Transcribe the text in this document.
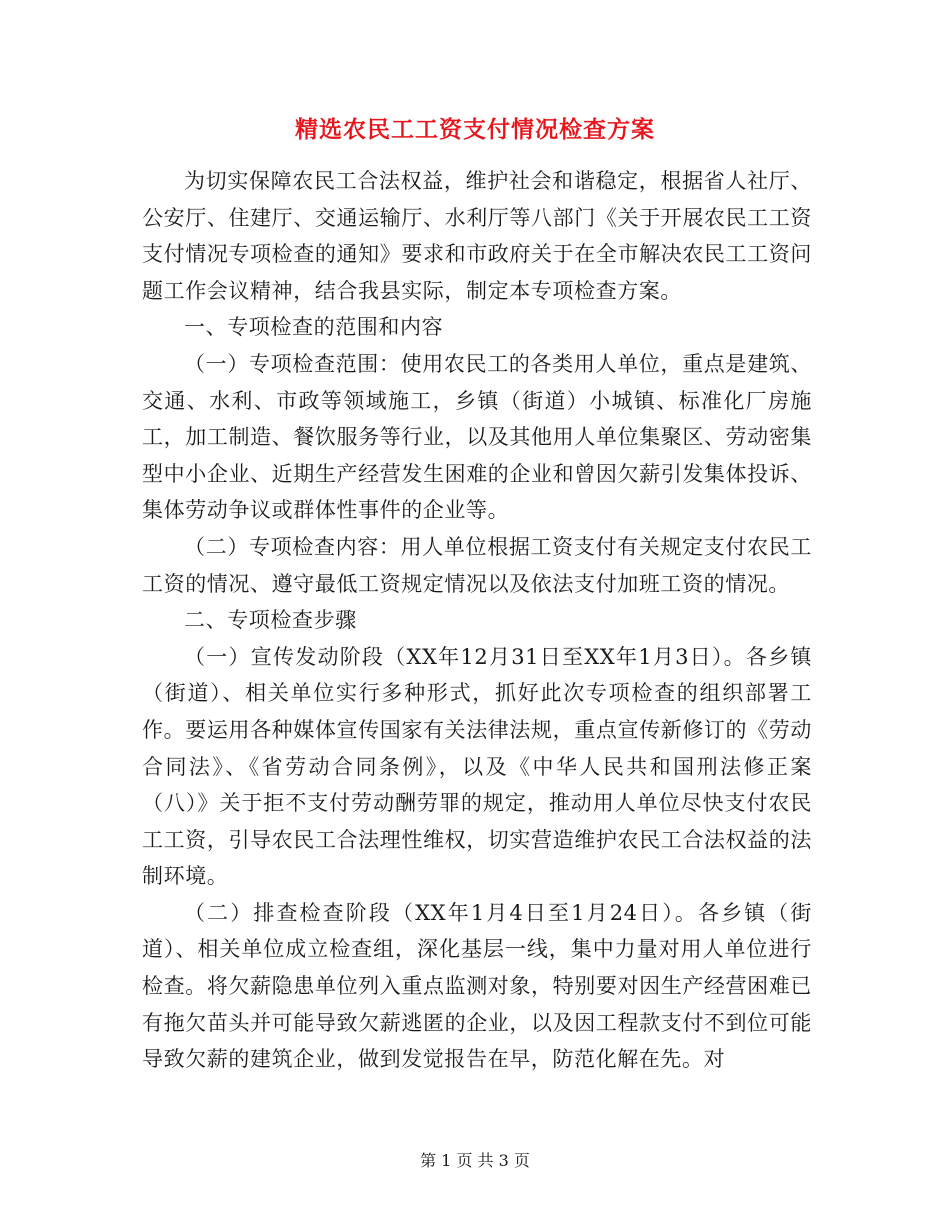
精选农民工工资支付情况检查方案

为切实保障农民工合法权益，维护社会和谐稳定，根据省人社厅、公安厅、住建厅、交通运输厅、水利厅等八部门《关于开展农民工工资支付情况专项检查的通知》要求和市政府关于在全市解决农民工工资问题工作会议精神，结合我县实际，制定本专项检查方案。

一、专项检查的范围和内容

（一）专项检查范围：使用农民工的各类用人单位，重点是建筑、交通、水利、市政等领域施工，乡镇（街道）小城镇、标准化厂房施工，加工制造、餐饮服务等行业，以及其他用人单位集聚区、劳动密集型中小企业、近期生产经营发生困难的企业和曾因欠薪引发集体投诉、集体劳动争议或群体性事件的企业等。

（二）专项检查内容：用人单位根据工资支付有关规定支付农民工工资的情况、遵守最低工资规定情况以及依法支付加班工资的情况。

二、专项检查步骤

（一）宣传发动阶段（XX年12月31日至XX年1月3日）。各乡镇（街道）、相关单位实行多种形式，抓好此次专项检查的组织部署工作。要运用各种媒体宣传国家有关法律法规，重点宣传新修订的《劳动合同法》、《省劳动合同条例》，以及《中华人民共和国刑法修正案（八）》关于拒不支付劳动酬劳罪的规定，推动用人单位尽快支付农民工工资，引导农民工合法理性维权，切实营造维护农民工合法权益的法制环境。

（二）排查检查阶段（XX年1月4日至1月24日）。各乡镇（街道）、相关单位成立检查组，深化基层一线，集中力量对用人单位进行检查。将欠薪隐患单位列入重点监测对象，特别要对因生产经营困难已有拖欠苗头并可能导致欠薪逃匿的企业，以及因工程款支付不到位可能导致欠薪的建筑企业，做到发觉报告在早，防范化解在先。对

第 1 页 共 3 页
